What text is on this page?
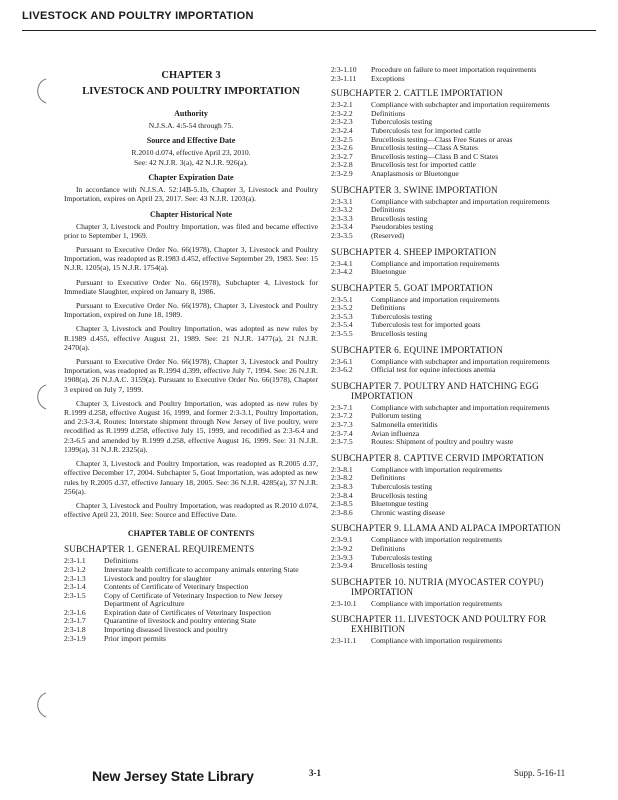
LIVESTOCK AND POULTRY IMPORTATION
CHAPTER 3
LIVESTOCK AND POULTRY IMPORTATION
Authority
N.J.S.A. 4:5-54 through 75.
Source and Effective Date
R.2010 d.074, effective April 23, 2010.
See: 42 N.J.R. 3(a), 42 N.J.R. 926(a).
Chapter Expiration Date

In accordance with N.J.S.A. 52:14B-5.1b, Chapter 3, Livestock and Poultry Importation, expires on April 23, 2017. See: 43 N.J.R. 1203(a).

Chapter Historical Note

Chapter 3, Livestock and Poultry Importation, was filed and became effective prior to September 1, 1969.

Pursuant to Executive Order No. 66(1978), Chapter 3, Livestock and Poultry Importation, was readopted as R.1983 d.452, effective September 29, 1983. See: 15 N.J.R. 1205(a), 15 N.J.R. 1754(a).

Pursuant to Executive Order No. 66(1978), Subchapter 4, Livestock for Immediate Slaughter, expired on January 8, 1986.

Pursuant to Executive Order No. 66(1978), Chapter 3, Livestock and Poultry Importation, expired on June 18, 1989.

Chapter 3, Livestock and Poultry Importation, was adopted as new rules by R.1989 d.455, effective August 21, 1989. See: 21 N.J.R. 1477(a), 21 N.J.R. 2470(a).

Pursuant to Executive Order No. 66(1978), Chapter 3, Livestock and Poultry Importation, was readopted as R.1994 d.399, effective July 7, 1994. See: 26 N.J.R. 1908(a), 26 N.J.A.C. 3159(a). Pursuant to Executive Order No. 66(1978), Chapter 3 expired on July 7, 1999.

Chapter 3, Livestock and Poultry Importation, was adopted as new rules by R.1999 d.258, effective August 16, 1999, and former 2:3-3.1, Poultry Importation, and 2:3-3.4, Routes: Interstate shipment through New Jersey of live poultry, were recodified as R.1999 d.258, effective July 15, 1999, and recodified as 2:3-6.4 and 2:3-6.5 and amended by R.1999 d.258, effective August 16, 1999. See: 31 N.J.R. 1399(a), 31 N.J.R. 2325(a).

Chapter 3, Livestock and Poultry Importation, was readopted as R.2005 d.37, effective December 17, 2004. Subchapter 5, Goat Importation, was adopted as new rules by R.2005 d.37, effective January 18, 2005. See: 36 N.J.R. 4285(a), 37 N.J.R. 256(a).

Chapter 3, Livestock and Poultry Importation, was readopted as R.2010 d.074, effective April 23, 2010. See: Source and Effective Date.

CHAPTER TABLE OF CONTENTS
SUBCHAPTER 1. GENERAL REQUIREMENTS
2:3-1.1	Definitions
2:3-1.2	Interstate health certificate to accompany animals entering State
2:3-1.3	Livestock and poultry for slaughter
2:3-1.4	Contents of Certificate of Veterinary Inspection
2:3-1.5	Copy of Certificate of Veterinary Inspection to New Jersey Department of Agriculture
2:3-1.6	Expiration date of Certificates of Veterinary Inspection
2:3-1.7	Quarantine of livestock and poultry entering State
2:3-1.8	Importing diseased livestock and poultry
2:3-1.9	Prior import permits
2:3-1.10	Procedure on failure to meet importation requirements
2:3-1.11	Exceptions
SUBCHAPTER 2. CATTLE IMPORTATION
2:3-2.1	Compliance with subchapter and importation requirements
2:3-2.2	Definitions
2:3-2.3	Tuberculosis testing
2:3-2.4	Tuberculosis test for imported cattle
2:3-2.5	Brucellosis testing—Class Free States or areas
2:3-2.6	Brucellosis testing—Class A States
2:3-2.7	Brucellosis testing—Class B and C States
2:3-2.8	Brucellosis test for imported cattle
2:3-2.9	Anaplasmosis or Bluetongue
SUBCHAPTER 3. SWINE IMPORTATION
2:3-3.1	Compliance with subchapter and importation requirements
2:3-3.2	Definitions
2:3-3.3	Brucellosis testing
2:3-3.4	Pseudorabies testing
2:3-3.5	(Reserved)
SUBCHAPTER 4. SHEEP IMPORTATION
2:3-4.1	Compliance and importation requirements
2:3-4.2	Bluetongue
SUBCHAPTER 5. GOAT IMPORTATION
2:3-5.1	Compliance and importation requirements
2:3-5.2	Definitions
2:3-5.3	Tuberculosis testing
2:3-5.4	Tuberculosis test for imported goats
2:3-5.5	Brucellosis testing
SUBCHAPTER 6. EQUINE IMPORTATION
2:3-6.1	Compliance with subchapter and importation requirements
2:3-6.2	Official test for equine infectious anemia
SUBCHAPTER 7. POULTRY AND HATCHING EGG IMPORTATION
2:3-7.1	Compliance with subchapter and importation requirements
2:3-7.2	Pullorum testing
2:3-7.3	Salmonella enteritidis
2:3-7.4	Avian influenza
2:3-7.5	Routes: Shipment of poultry and poultry waste
SUBCHAPTER 8. CAPTIVE CERVID IMPORTATION
2:3-8.1	Compliance with importation requirements
2:3-8.2	Definitions
2:3-8.3	Tuberculosis testing
2:3-8.4	Brucellosis testing
2:3-8.5	Bluetongue testing
2:3-8.6	Chronic wasting disease
SUBCHAPTER 9. LLAMA AND ALPACA IMPORTATION
2:3-9.1	Compliance with importation requirements
2:3-9.2	Definitions
2:3-9.3	Tuberculosis testing
2:3-9.4	Brucellosis testing
SUBCHAPTER 10. NUTRIA (MYOCASTER COYPU) IMPORTATION
2:3-10.1	Compliance with importation requirements
SUBCHAPTER 11. LIVESTOCK AND POULTRY FOR EXHIBITION
2:3-11.1	Compliance with importation requirements
New Jersey State Library	3-1	Supp. 5-16-11
